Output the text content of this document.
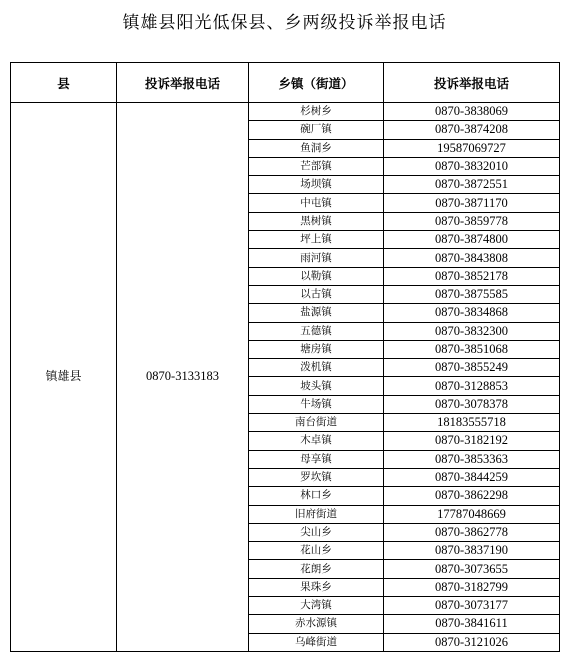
镇雄县阳光低保县、乡两级投诉举报电话
县	投诉举报电话	乡镇（街道）	投诉举报电话
镇雄县	0870-3133183	杉树乡	0870-3838069
		碗厂镇	0870-3874208
		鱼洞乡	19587069727
		芒部镇	0870-3832010
		场坝镇	0870-3872551
		中屯镇	0870-3871170
		黑树镇	0870-3859778
		坪上镇	0870-3874800
		雨河镇	0870-3843808
		以勒镇	0870-3852178
		以古镇	0870-3875585
		盐源镇	0870-3834868
		五德镇	0870-3832300
		塘房镇	0870-3851068
		泼机镇	0870-3855249
		坡头镇	0870-3128853
		牛场镇	0870-3078378
		南台街道	18183555718
		木卓镇	0870-3182192
		母享镇	0870-3853363
		罗坎镇	0870-3844259
		林口乡	0870-3862298
		旧府街道	17787048669
		尖山乡	0870-3862778
		花山乡	0870-3837190
		花朗乡	0870-3073655
		果珠乡	0870-3182799
		大湾镇	0870-3073177
		赤水源镇	0870-3841611
		乌峰街道	0870-3121026
